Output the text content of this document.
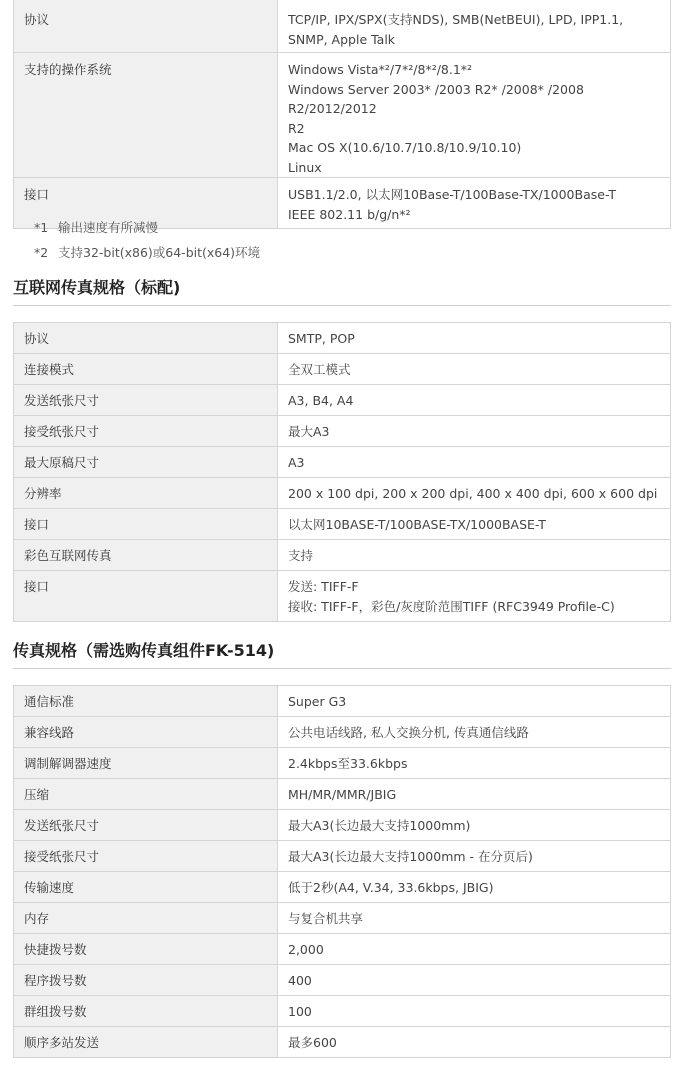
协议	TCP/IP, IPX/SPX(支持NDS), SMB(NetBEUI), LPD, IPP1.1,
SNMP, Apple Talk
支持的操作系统	Windows Vista*²/7*²/8*²/8.1*²
Windows Server 2003* /2003 R2* /2008* /2008 R2/2012/2012
R2
Mac OS X(10.6/10.7/10.8/10.9/10.10)
Linux
接口	USB1.1/2.0, 以太网10Base-T/100Base-TX/1000Base-T
IEEE 802.11 b/g/n*²
*1 输出速度有所减慢
*2 支持32-bit(x86)或64-bit(x64)环境
互联网传真规格（标配)
协议	SMTP, POP
连接模式	全双工模式
发送纸张尺寸	A3, B4, A4
接受纸张尺寸	最大A3
最大原稿尺寸	A3
分辨率	200 x 100 dpi, 200 x 200 dpi, 400 x 400 dpi, 600 x 600 dpi
接口	以太网10BASE-T/100BASE-TX/1000BASE-T
彩色互联网传真	支持
接口	发送: TIFF-F
接收: TIFF-F，彩色/灰度阶范围TIFF (RFC3949 Profile-C)
传真规格（需选购传真组件FK-514)
通信标准	Super G3
兼容线路	公共电话线路, 私人交换分机, 传真通信线路
调制解调器速度	2.4kbps至33.6kbps
压缩	MH/MR/MMR/JBIG
发送纸张尺寸	最大A3(长边最大支持1000mm)
接受纸张尺寸	最大A3(长边最大支持1000mm - 在分页后)
传输速度	低于2秒(A4, V.34, 33.6kbps, JBIG)
内存	与复合机共享
快捷拨号数	2,000
程序拨号数	400
群组拨号数	100
顺序多站发送	最多600
